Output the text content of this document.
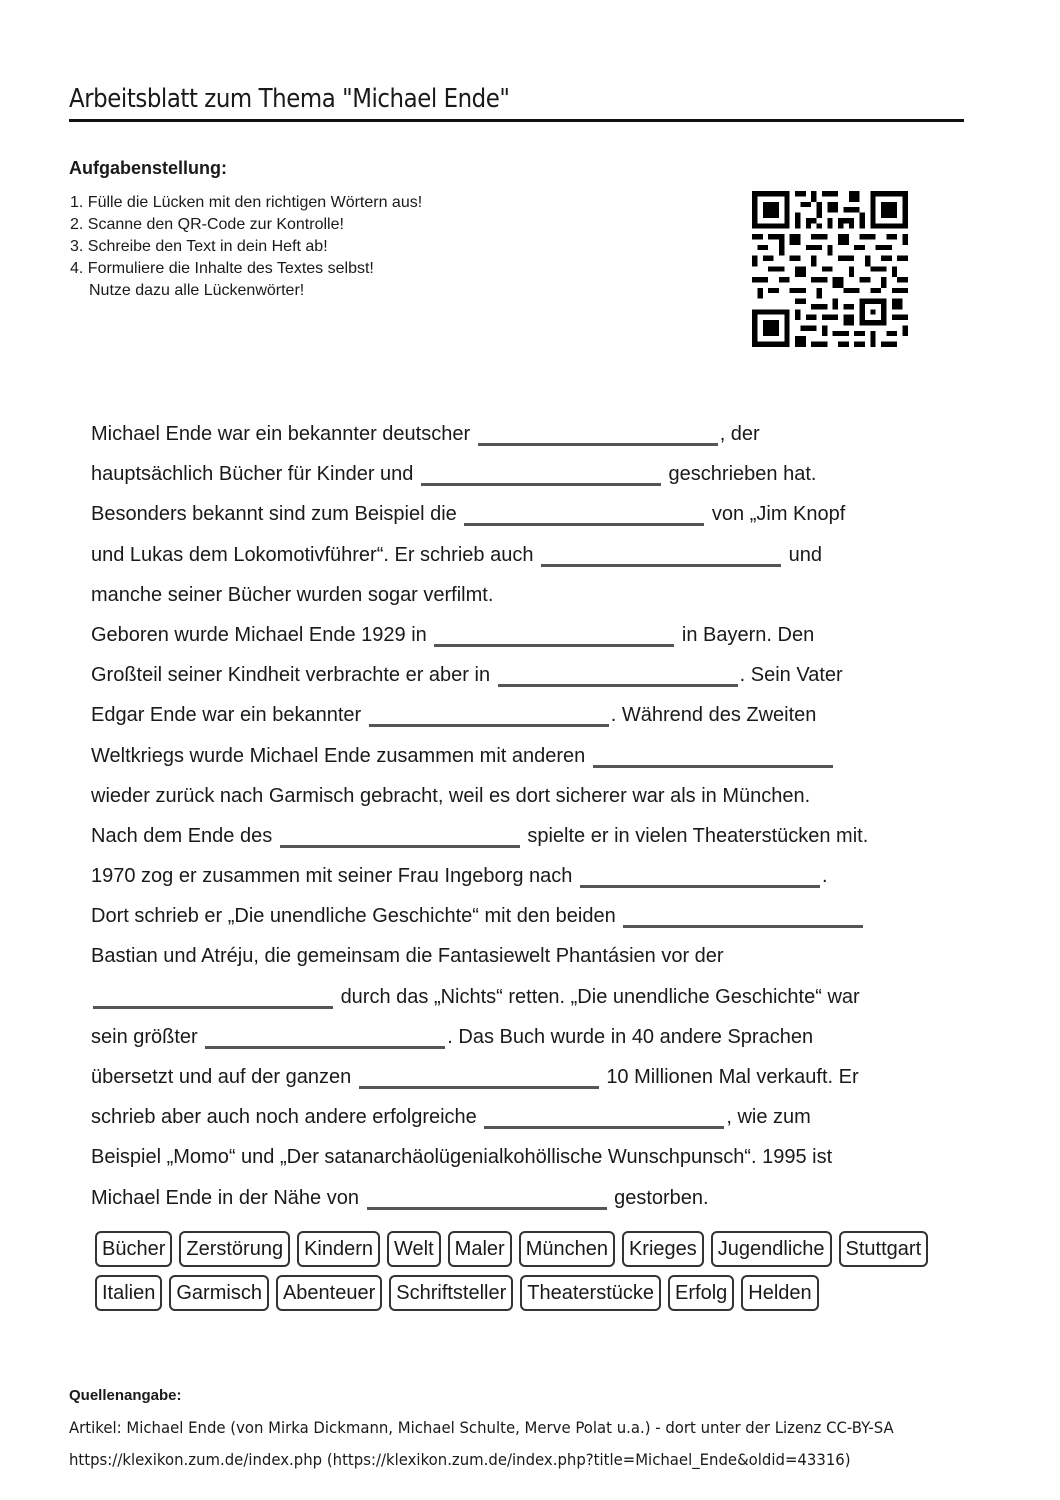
Arbeitsblatt zum Thema "Michael Ende"
Aufgabenstellung:
1. Fülle die Lücken mit den richtigen Wörtern aus!
2. Scanne den QR-Code zur Kontrolle!
3. Schreibe den Text in dein Heft ab!
4. Formuliere die Inhalte des Textes selbst!
Nutze dazu alle Lückenwörter!
Michael Ende war ein bekannter deutscher	, der
hauptsächlich Bücher für Kinder und	geschrieben hat.
Besonders bekannt sind zum Beispiel die	von „Jim Knopf
und Lukas dem Lokomotivführer“. Er schrieb auch	und
manche seiner Bücher wurden sogar verfilmt.
Geboren wurde Michael Ende 1929 in	in Bayern. Den
Großteil seiner Kindheit verbrachte er aber in	. Sein Vater
Edgar Ende war ein bekannter	. Während des Zweiten
Weltkriegs wurde Michael Ende zusammen mit anderen
wieder zurück nach Garmisch gebracht, weil es dort sicherer war als in München.
Nach dem Ende des	spielte er in vielen Theaterstücken mit.
1970 zog er zusammen mit seiner Frau Ingeborg nach	.
Dort schrieb er „Die unendliche Geschichte“ mit den beiden
Bastian und Atréju, die gemeinsam die Fantasiewelt Phantásien vor der
durch das „Nichts“ retten. „Die unendliche Geschichte“ war
sein größter	. Das Buch wurde in 40 andere Sprachen
übersetzt und auf der ganzen	10 Millionen Mal verkauft. Er
schrieb aber auch noch andere erfolgreiche	, wie zum
Beispiel „Momo“ und „Der satanarchäolügenialkohöllische Wunschpunsch“. 1995 ist
Michael Ende in der Nähe von	gestorben.
Bücher	Zerstörung	Kindern	Welt	Maler	München	Krieges	Jugendliche	Stuttgart
Italien	Garmisch	Abenteuer	Schriftsteller	Theaterstücke	Erfolg	Helden
Quellenangabe:
Artikel: Michael Ende (von Mirka Dickmann, Michael Schulte, Merve Polat u.a.) - dort unter der Lizenz CC-BY-SA
https://klexikon.zum.de/index.php (https://klexikon.zum.de/index.php?title=Michael_Ende&oldid=43316)
